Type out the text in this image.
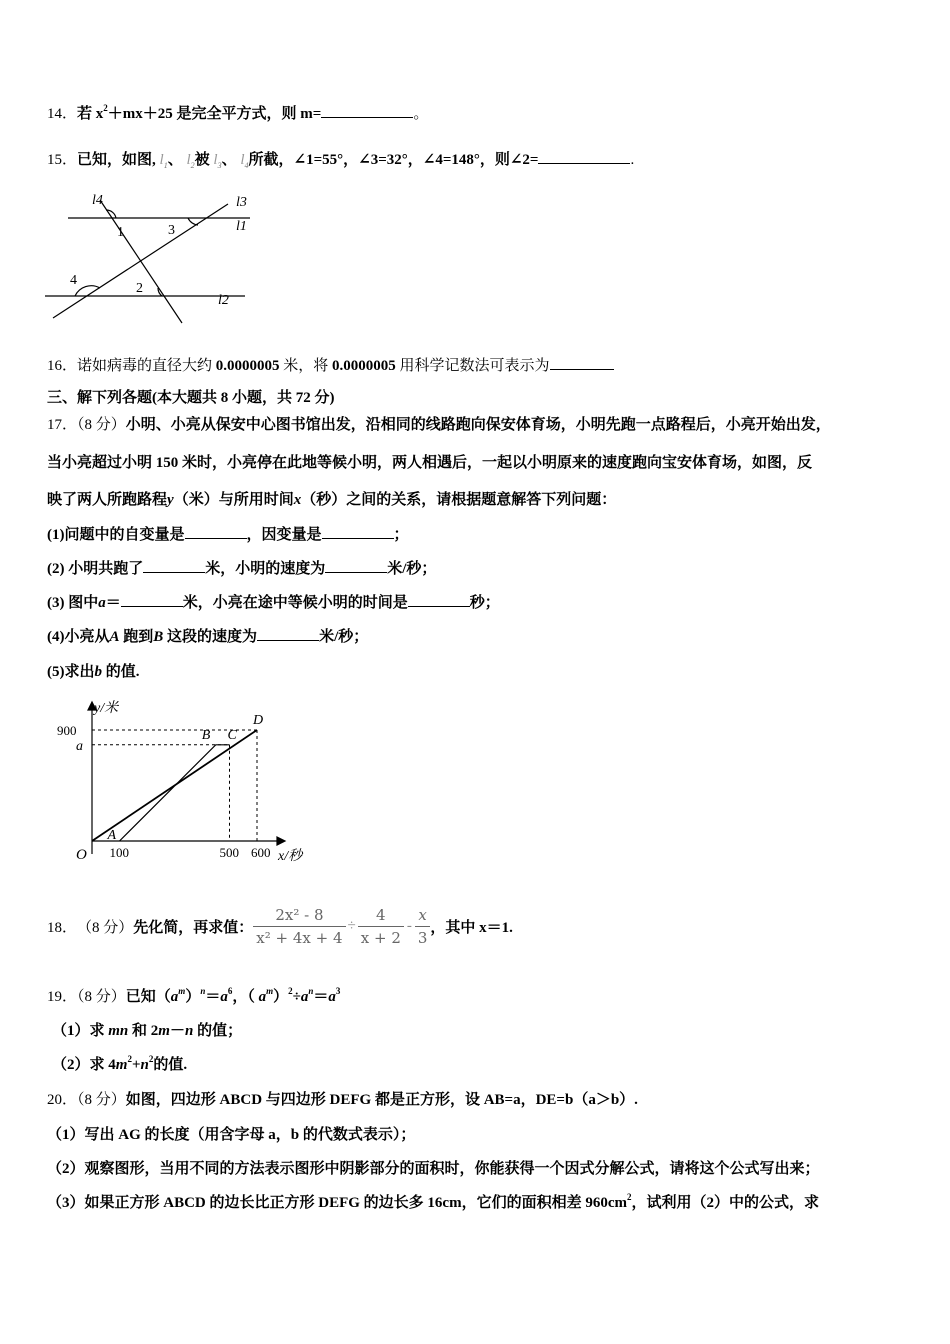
14．若 $x^2+mx+25$ 是完全平方式，则 m=	。
15．已知，如图, $l_1$、 $l_2$被 $l_3$、 $l_4$所截，∠1=55°，∠3=32°，∠4=148°，则∠2=	.
l4	l3
l1
l2
1	3
4
2
16．诺如病毒的直径大约 0.0000005 米，将 0.0000005 用科学记数法可表示为
三、解下列各题(本大题共 8 小题，共 72 分)
17．（8 分）小明、小亮从保安中心图书馆出发，沿相同的线路跑向保安体育场，小明先跑一点路程后，小亮开始出发，
当小亮超过小明 150 米时，小亮停在此地等候小明，两人相遇后，一起以小明原来的速度跑向宝安体育场，如图，反
映了两人所跑路程y（米）与所用时间x（秒）之间的关系，请根据题意解答下列问题：
(1)问题中的自变量是	，因变量是	；
(2) 小明共跑了	米，小明的速度为	米/秒；
(3) 图中a＝	米，小亮在途中等候小明的时间是	秒；
(4)小亮从A 跑到B 这段的速度为	米/秒；
(5)求出b 的值.
100	500 600
900
a
A
B C
D
y/米
x/秒
O
18． （8 分） 先化简，再求值： $\frac{\text{2x² - 8}}{\text{x² + 4x + 4}} \div \frac{4}{x + 2} - \frac{x}{3}$ ，其中 x＝1.
19．（8 分）已知$(a^m)^n=a^6$，（ $a^m)^2\div a^n=a^3$
（1）求 mn 和 2m－n 的值；
（2）求 $4m^2+n^2$的值.
20．（8 分）如图，四边形 ABCD 与四边形 DEFG 都是正方形，设 AB=a，DE=b（a＞b）.
（1）写出 AG 的长度（用含字母 a，b 的代数式表示）；
（2）观察图形，当用不同的方法表示图形中阴影部分的面积时，你能获得一个因式分解公式，请将这个公式写出来；
（3）如果正方形 ABCD 的边长比正方形 DEFG 的边长多 16cm，它们的面积相差 $960cm^2$，试利用（2）中的公式，求
